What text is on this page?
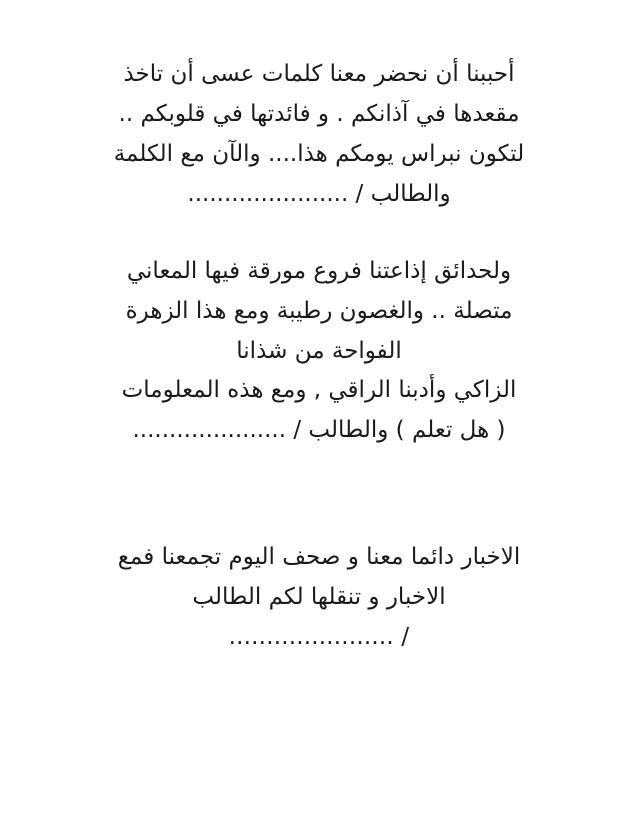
أحببنا أن نحضر معنا كلمات عسى أن تاخذ
مقعدها في آذانكم . و فائدتها في قلوبكم ..
لتكون نبراس يومكم هذا.... والآن مع الكلمة
والطالب / ......................
ولحدائق إذاعتنا فروع مورقة فيها المعاني
متصلة .. والغصون رطيبة ومع هذا الزهرة
الفواحة من شذانا
الزاكي وأدبنا الراقي , ومع هذه المعلومات
( هل تعلم ) والطالب / .....................
الاخبار دائما معنا و صحف اليوم تجمعنا فمع
الاخبار و تنقلها لكم الطالب
/ ......................
